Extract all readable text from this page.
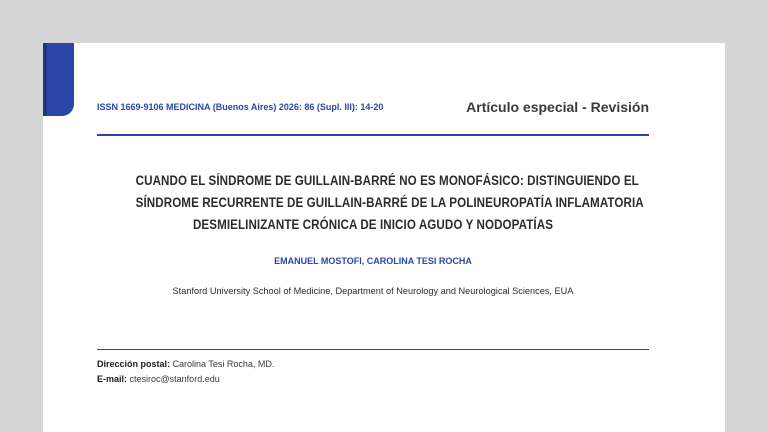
ISSN 1669-9106 MEDICINA (Buenos Aires) 2026: 86 (Supl. III): 14-20	Artículo especial - Revisión
CUANDO EL SÍNDROME DE GUILLAIN-BARRÉ NO ES MONOFÁSICO: DISTINGUIENDO EL
SÍNDROME RECURRENTE DE GUILLAIN-BARRÉ DE LA POLINEUROPATÍA INFLAMATORIA
DESMIELINIZANTE CRÓNICA DE INICIO AGUDO Y NODOPATÍAS
EMANUEL MOSTOFI, CAROLINA TESI ROCHA
Stanford University School of Medicine, Department of Neurology and Neurological Sciences, EUA
Dirección postal: Carolina Tesi Rocha, MD.
E-mail: ctesiroc@stanford.edu
